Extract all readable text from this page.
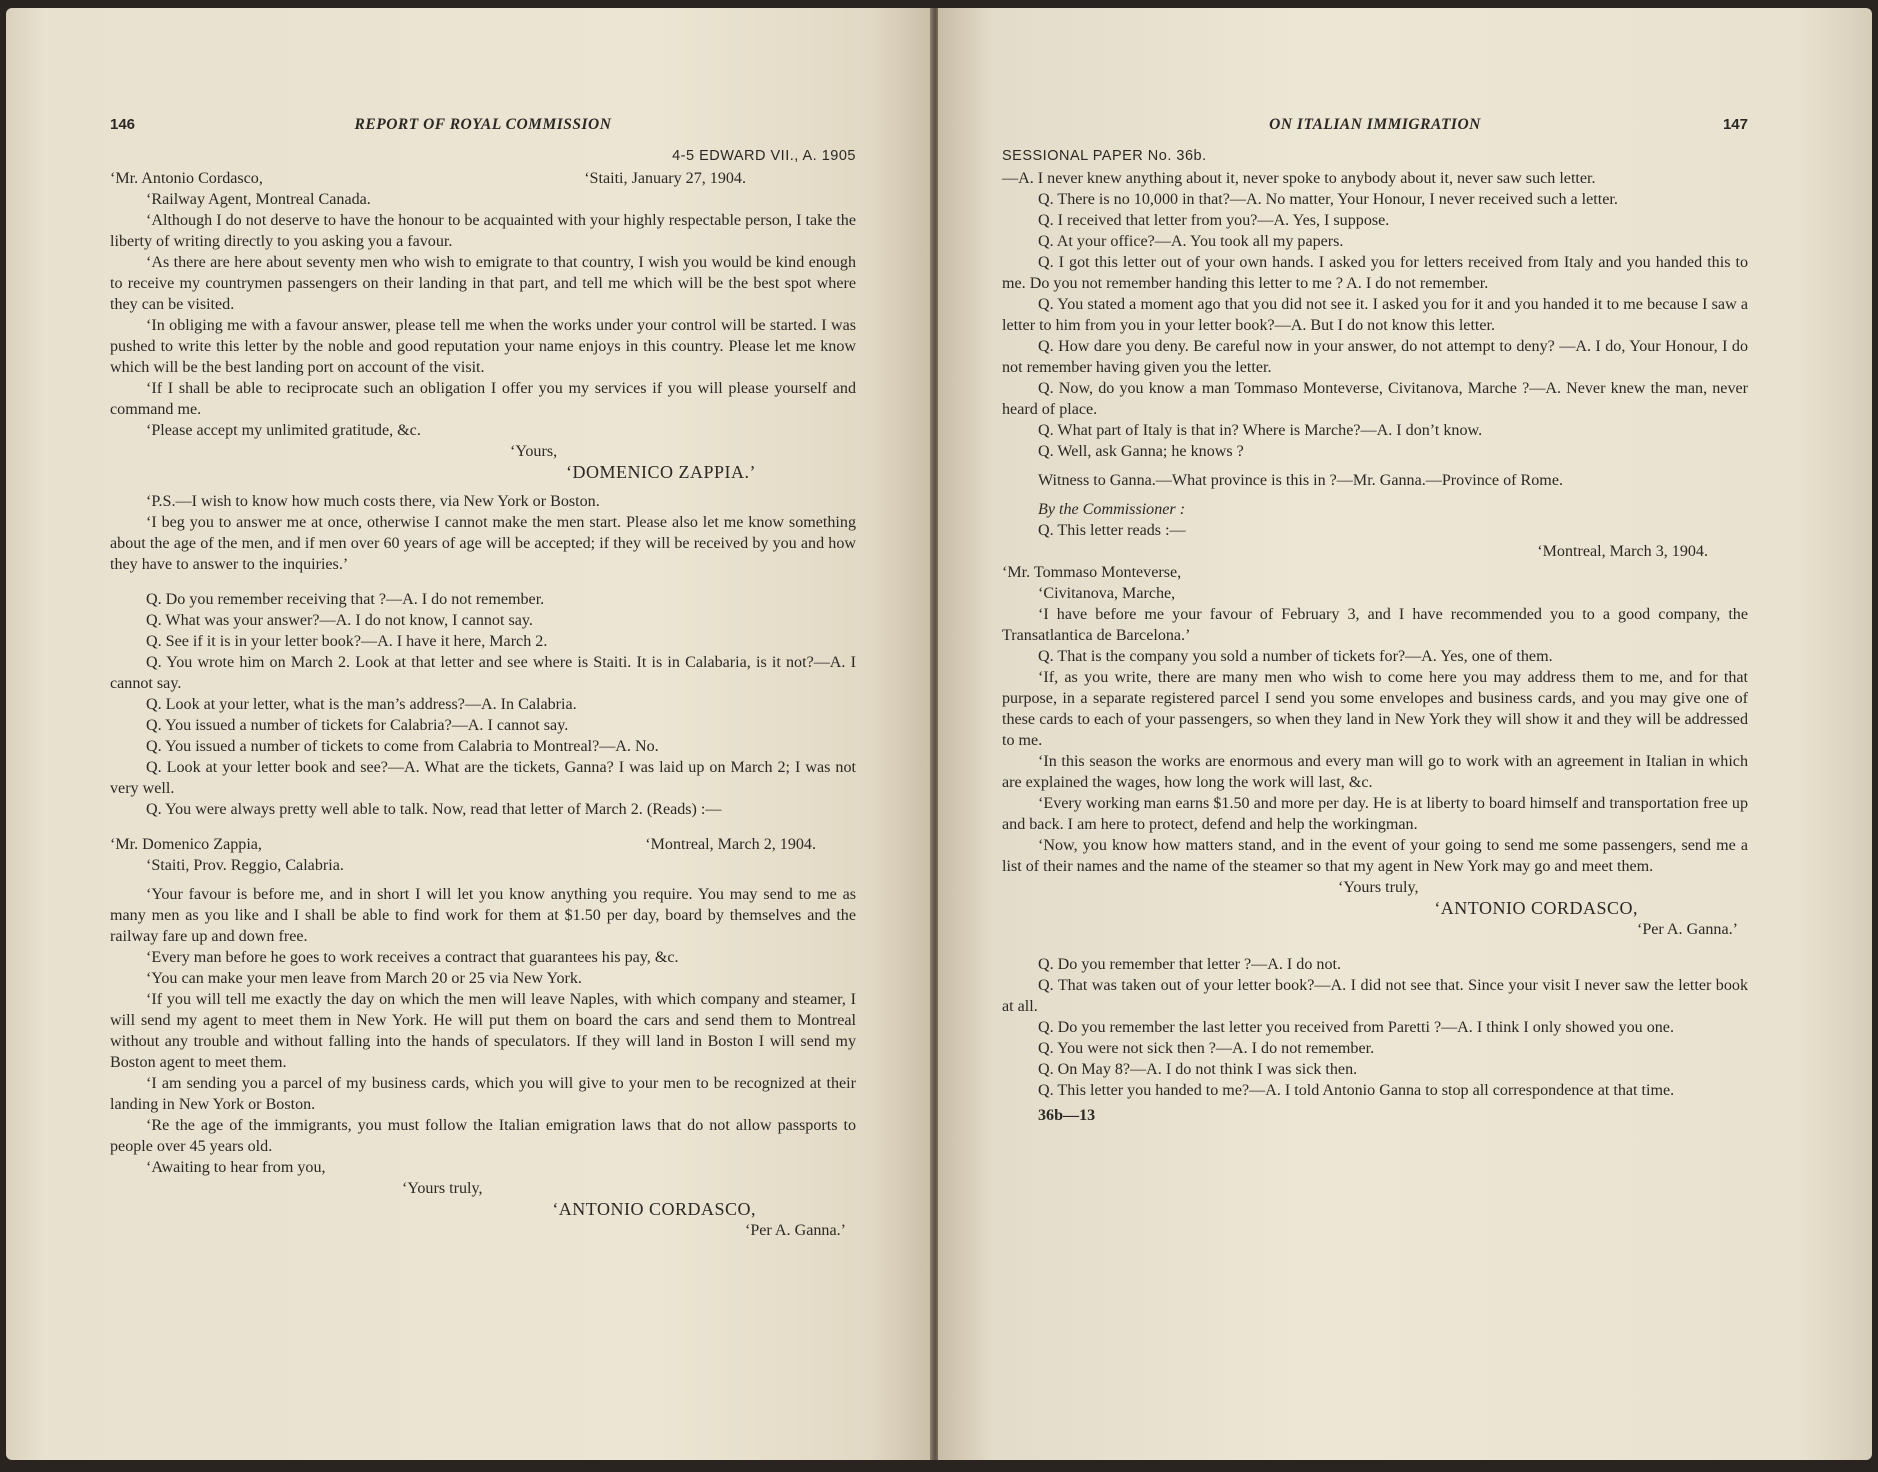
146	REPORT OF ROYAL COMMISSION
4-5 EDWARD VII., A. 1905
‘Mr. Antonio Cordasco,	‘Staiti, January 27, 1904.

‘Railway Agent, Montreal Canada.

‘Although I do not deserve to have the honour to be acquainted with your highly respectable person, I take the liberty of writing directly to you asking you a favour.

‘As there are here about seventy men who wish to emigrate to that country, I wish you would be kind enough to receive my countrymen passengers on their landing in that part, and tell me which will be the best spot where they can be visited.

‘In obliging me with a favour answer, please tell me when the works under your control will be started. I was pushed to write this letter by the noble and good reputation your name enjoys in this country. Please let me know which will be the best landing port on account of the visit.

‘If I shall be able to reciprocate such an obligation I offer you my services if you will please yourself and command me.

‘Please accept my unlimited gratitude, &c.

‘Yours,

‘DOMENICO ZAPPIA.’

‘P.S.—I wish to know how much costs there, via New York or Boston.

‘I beg you to answer me at once, otherwise I cannot make the men start. Please also let me know something about the age of the men, and if men over 60 years of age will be accepted; if they will be received by you and how they have to answer to the inquiries.’

Q. Do you remember receiving that ?—A. I do not remember.

Q. What was your answer?—A. I do not know, I cannot say.

Q. See if it is in your letter book?—A. I have it here, March 2.

Q. You wrote him on March 2. Look at that letter and see where is Staiti. It is in Calabaria, is it not?—A. I cannot say.

Q. Look at your letter, what is the man’s address?—A. In Calabria.

Q. You issued a number of tickets for Calabria?—A. I cannot say.

Q. You issued a number of tickets to come from Calabria to Montreal?—A. No.

Q. Look at your letter book and see?—A. What are the tickets, Ganna? I was laid up on March 2; I was not very well.

Q. You were always pretty well able to talk. Now, read that letter of March 2. (Reads) :—

‘Mr. Domenico Zappia,	‘Montreal, March 2, 1904.

‘Staiti, Prov. Reggio, Calabria.

‘Your favour is before me, and in short I will let you know anything you require. You may send to me as many men as you like and I shall be able to find work for them at $1.50 per day, board by themselves and the railway fare up and down free.

‘Every man before he goes to work receives a contract that guarantees his pay, &c.

‘You can make your men leave from March 20 or 25 via New York.

‘If you will tell me exactly the day on which the men will leave Naples, with which company and steamer, I will send my agent to meet them in New York. He will put them on board the cars and send them to Montreal without any trouble and without falling into the hands of speculators. If they will land in Boston I will send my Boston agent to meet them.

‘I am sending you a parcel of my business cards, which you will give to your men to be recognized at their landing in New York or Boston.

‘Re the age of the immigrants, you must follow the Italian emigration laws that do not allow passports to people over 45 years old.

‘Awaiting to hear from you,

‘Yours truly,

‘ANTONIO CORDASCO,

‘Per A. Ganna.’

ON ITALIAN IMMIGRATION	147
SESSIONAL PAPER No. 36b.

—A. I never knew anything about it, never spoke to anybody about it, never saw such letter.

Q. There is no 10,000 in that?—A. No matter, Your Honour, I never received such a letter.

Q. I received that letter from you?—A. Yes, I suppose.

Q. At your office?—A. You took all my papers.

Q. I got this letter out of your own hands. I asked you for letters received from Italy and you handed this to me. Do you not remember handing this letter to me ? A. I do not remember.

Q. You stated a moment ago that you did not see it. I asked you for it and you handed it to me because I saw a letter to him from you in your letter book?—A. But I do not know this letter.

Q. How dare you deny. Be careful now in your answer, do not attempt to deny? —A. I do, Your Honour, I do not remember having given you the letter.

Q. Now, do you know a man Tommaso Monteverse, Civitanova, Marche ?—A. Never knew the man, never heard of place.

Q. What part of Italy is that in? Where is Marche?—A. I don’t know.

Q. Well, ask Ganna; he knows ?

Witness to Ganna.—What province is this in ?—Mr. Ganna.—Province of Rome.

By the Commissioner :

Q. This letter reads :—

‘Montreal, March 3, 1904.

‘Mr. Tommaso Monteverse,

‘Civitanova, Marche,

‘I have before me your favour of February 3, and I have recommended you to a good company, the Transatlantica de Barcelona.’

Q. That is the company you sold a number of tickets for?—A. Yes, one of them.

‘If, as you write, there are many men who wish to come here you may address them to me, and for that purpose, in a separate registered parcel I send you some envelopes and business cards, and you may give one of these cards to each of your passengers, so when they land in New York they will show it and they will be addressed to me.

‘In this season the works are enormous and every man will go to work with an agreement in Italian in which are explained the wages, how long the work will last, &c.

‘Every working man earns $1.50 and more per day. He is at liberty to board himself and transportation free up and back. I am here to protect, defend and help the workingman.

‘Now, you know how matters stand, and in the event of your going to send me some passengers, send me a list of their names and the name of the steamer so that my agent in New York may go and meet them.

‘Yours truly,

‘ANTONIO CORDASCO,

‘Per A. Ganna.’

Q. Do you remember that letter ?—A. I do not.

Q. That was taken out of your letter book?—A. I did not see that. Since your visit I never saw the letter book at all.

Q. Do you remember the last letter you received from Paretti ?—A. I think I only showed you one.

Q. You were not sick then ?—A. I do not remember.

Q. On May 8?—A. I do not think I was sick then.

Q. This letter you handed to me?—A. I told Antonio Ganna to stop all correspondence at that time.

36b—13
